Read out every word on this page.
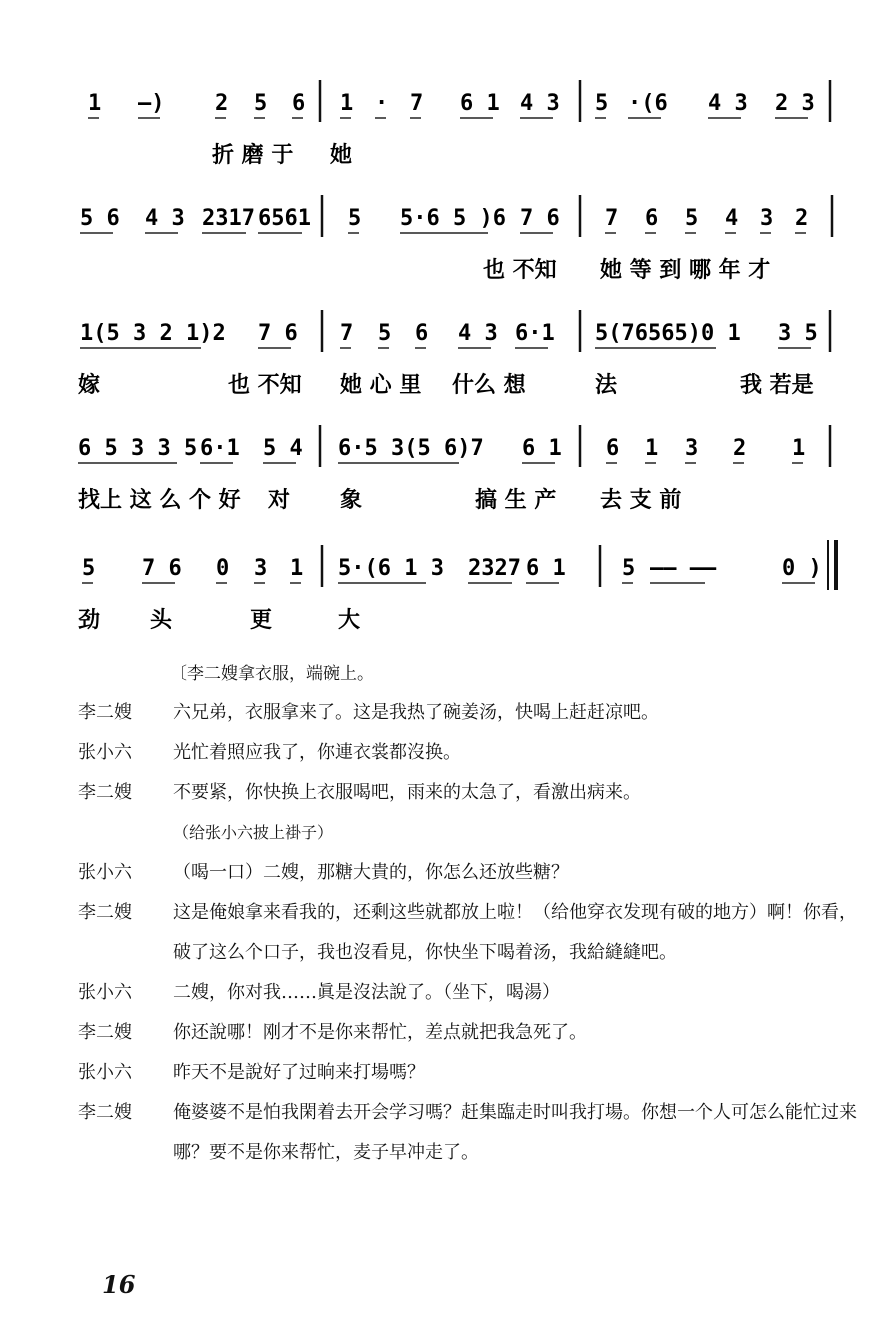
1 —) 2 5 6 1 · 7 6 1 4 3 5 ·(6 4 3 2 3
折 磨 于 她
5 6 4 3 2317 6561 5 5·6 5 )6 7 6 7 6 5 4 3 2
也 不知 她 等 到 哪 年 才
1(5 3 2 1)2 7 6 7 5 6 4 3 6·1 5(76565)0 1 3 5
嫁	也 不知 她 心 里 什么 想	法	我 若是
6 5 3 3 5 6·1 5 4 6·5 3(5 6)7 6 1 6 1 3 2 1
找上 这 么 个 好 对 象	搞 生 产 去 支 前
5 7 6 0 3 1 5·(6 1 3 2327 6 1	5 —— ——	0 )
劲 头	更	大
〔李二嫂拿衣服，端碗上。
李二嫂	六兄弟，衣服拿来了。这是我热了碗姜汤，快喝上赶赶凉吧。
张小六	光忙着照应我了，你連衣裳都沒换。
李二嫂	不要紧，你快换上衣服喝吧，雨来的太急了，看激出病来。
（给张小六披上褂子）
张小六	（喝一口）二嫂，那糖大貴的，你怎么还放些糖？
李二嫂	这是俺娘拿来看我的，还剩这些就都放上啦！（给他穿衣发现有破的地方）啊！你看，破了这么个口子，我也沒看見，你快坐下喝着汤，我給縫縫吧。
张小六	二嫂，你对我……眞是沒法說了。（坐下，喝湯）
李二嫂	你还說哪！刚才不是你来帮忙，差点就把我急死了。
张小六	昨天不是說好了过晌来打場嗎？
李二嫂	俺婆婆不是怕我閑着去开会学习嗎？赶集臨走时叫我打場。你想一个人可怎么能忙过来哪？要不是你来帮忙，麦子早冲走了。
16
